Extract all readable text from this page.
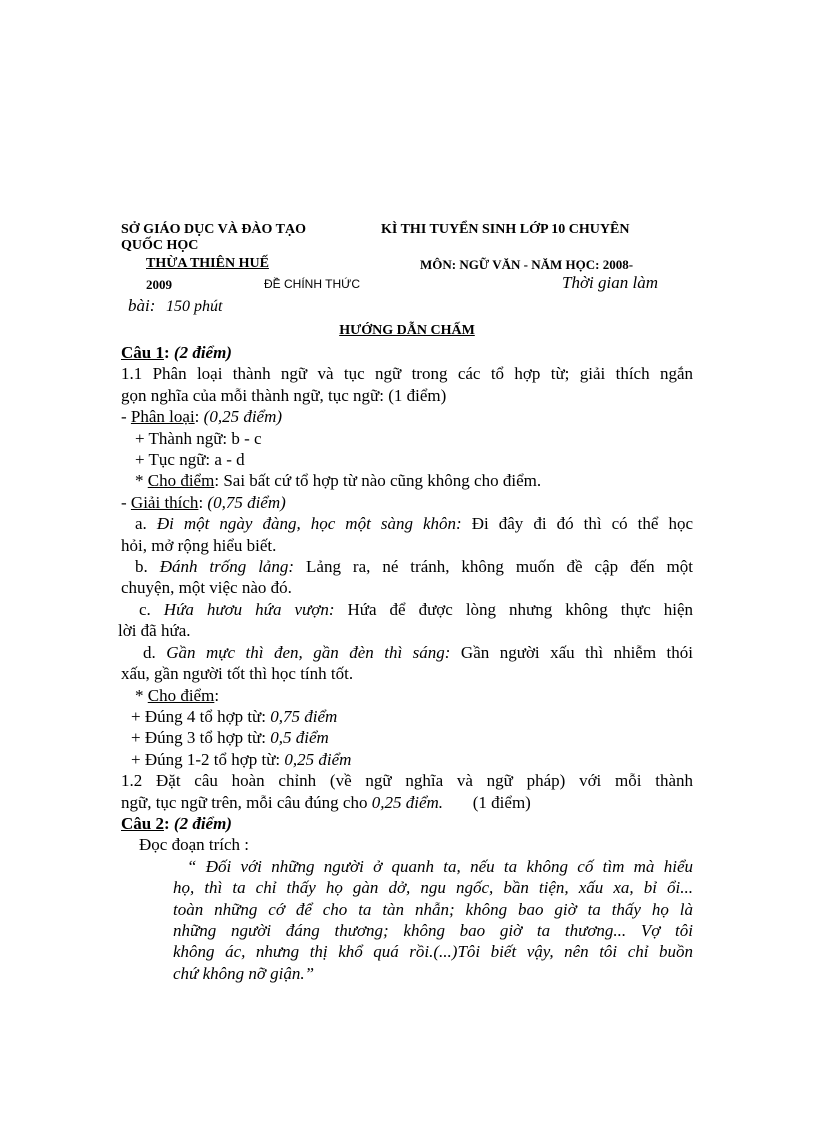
SỞ GIÁO DỤC VÀ ĐÀO TẠO	KÌ THI TUYỂN SINH LỚP 10 CHUYÊN
QUỐC HỌC
THỪA THIÊN HUẾ	MÔN: NGỮ VĂN - NĂM HỌC: 2008-
2009	ĐỀ CHÍNH THỨC	Thời gian làm
bài: 150 phút
HƯỚNG DẪN CHẤM

Câu 1: (2 điểm)

1.1 Phân loại thành ngữ và tục ngữ trong các tổ hợp từ; giải thích ngắn

gọn nghĩa của mỗi thành ngữ, tục ngữ: (1 điểm)

- Phân loại: (0,25 điểm)

+ Thành ngữ: b - c

+ Tục ngữ: a - d

* Cho điểm: Sai bất cứ tổ hợp từ nào cũng không cho điểm.

- Giải thích: (0,75 điểm)

a. Đi một ngày đàng, học một sàng khôn: Đi đây đi đó thì có thể học

hỏi, mở rộng hiểu biết.

b. Đánh trống lảng: Lảng ra, né tránh, không muốn đề cập đến một

chuyện, một việc nào đó.

c. Hứa hươu hứa vượn: Hứa để được lòng nhưng không thực hiện

lời đã hứa.

d. Gần mực thì đen, gần đèn thì sáng: Gần người xấu thì nhiễm thói

xấu, gần người tốt thì học tính tốt.

* Cho điểm:

+ Đúng 4 tổ hợp từ: 0,75 điểm

+ Đúng 3 tổ hợp từ: 0,5 điểm

+ Đúng 1-2 tổ hợp từ: 0,25 điểm

1.2 Đặt câu hoàn chỉnh (về ngữ nghĩa và ngữ pháp) với mỗi thành

ngữ, tục ngữ trên, mỗi câu đúng cho 0,25 điểm.       (1 điểm)

Câu 2: (2 điểm)

Đọc đoạn trích :

“ Đối với những người ở quanh ta, nếu ta không cố tìm mà hiểu

họ, thì ta chỉ thấy họ gàn dở, ngu ngốc, bần tiện, xấu xa, bỉ ổi...

toàn những cớ để cho ta tàn nhẫn; không bao giờ ta thấy họ là

những người đáng thương; không bao giờ ta thương... Vợ tôi

không ác, nhưng thị khổ quá rồi.(...)Tôi biết vậy, nên tôi chỉ buồn

chứ không nỡ giận.”
